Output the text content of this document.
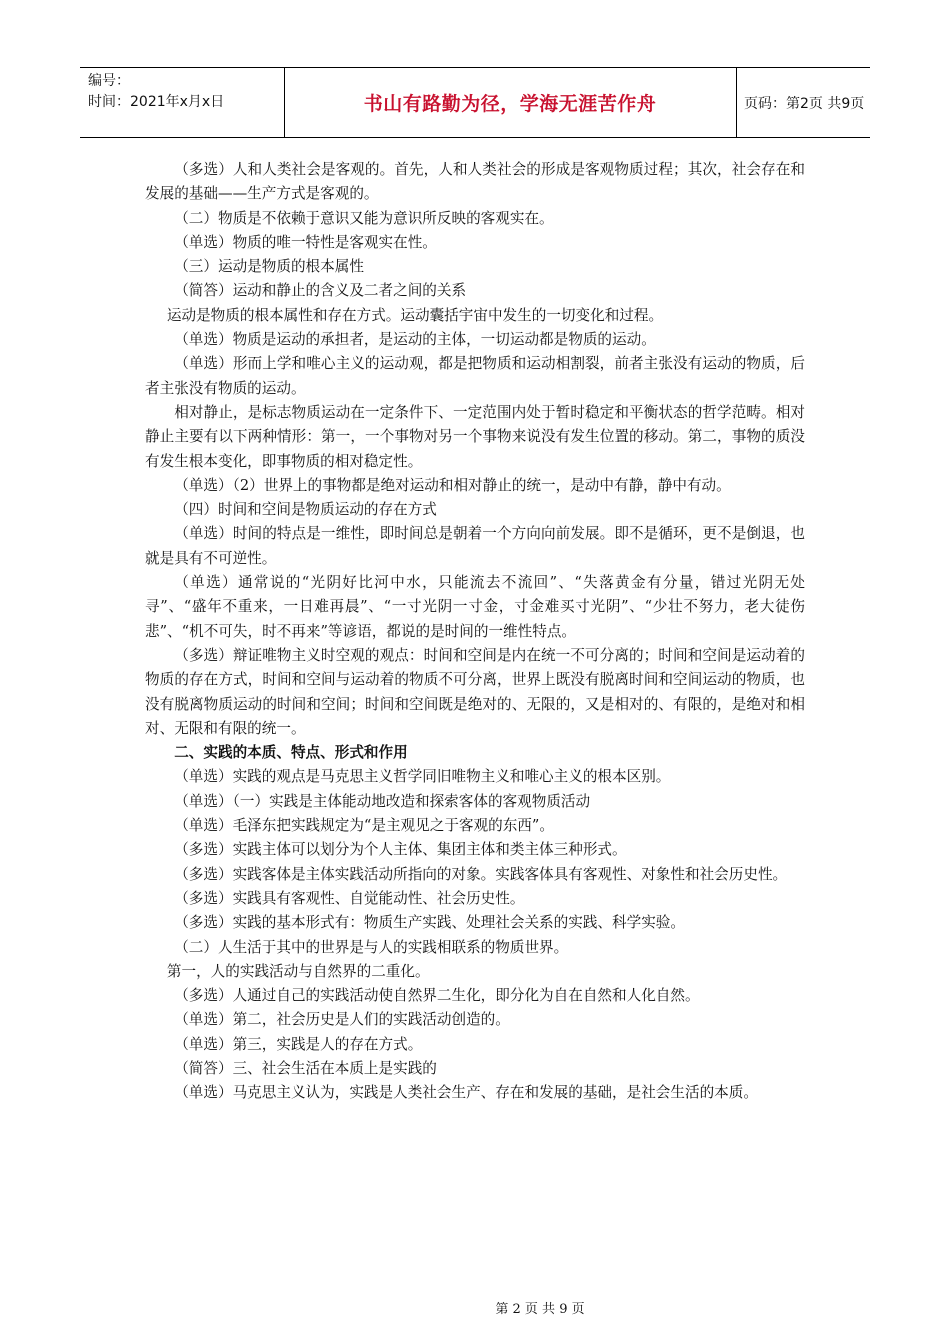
编号：
时间：2021年x月x日	书山有路勤为径，学海无涯苦作舟	页码：第2页 共9页

（多选）人和人类社会是客观的。首先，人和人类社会的形成是客观物质过程；其次，社会存在和发展的基础——生产方式是客观的。

（二）物质是不依赖于意识又能为意识所反映的客观实在。

（单选）物质的唯一特性是客观实在性。

（三）运动是物质的根本属性

（简答）运动和静止的含义及二者之间的关系

运动是物质的根本属性和存在方式。运动囊括宇宙中发生的一切变化和过程。

（单选）物质是运动的承担者，是运动的主体，一切运动都是物质的运动。

（单选）形而上学和唯心主义的运动观，都是把物质和运动相割裂，前者主张没有运动的物质，后者主张没有物质的运动。

相对静止，是标志物质运动在一定条件下、一定范围内处于暂时稳定和平衡状态的哲学范畴。相对静止主要有以下两种情形：第一，一个事物对另一个事物来说没有发生位置的移动。第二，事物的质没有发生根本变化，即事物质的相对稳定性。

（单选）（2）世界上的事物都是绝对运动和相对静止的统一，是动中有静，静中有动。

（四）时间和空间是物质运动的存在方式

（单选）时间的特点是一维性，即时间总是朝着一个方向向前发展。即不是循环，更不是倒退，也就是具有不可逆性。

（单选）通常说的“光阴好比河中水，只能流去不流回”、“失落黄金有分量，错过光阴无处寻”、“盛年不重来，一日难再晨”、“一寸光阴一寸金，寸金难买寸光阴”、“少壮不努力，老大徒伤悲”、“机不可失，时不再来”等谚语，都说的是时间的一维性特点。

（多选）辩证唯物主义时空观的观点：时间和空间是内在统一不可分离的；时间和空间是运动着的物质的存在方式，时间和空间与运动着的物质不可分离，世界上既没有脱离时间和空间运动的物质，也没有脱离物质运动的时间和空间；时间和空间既是绝对的、无限的，又是相对的、有限的，是绝对和相对、无限和有限的统一。

二、实践的本质、特点、形式和作用

（单选）实践的观点是马克思主义哲学同旧唯物主义和唯心主义的根本区别。

（单选）（一）实践是主体能动地改造和探索客体的客观物质活动

（单选）毛泽东把实践规定为“是主观见之于客观的东西”。

（多选）实践主体可以划分为个人主体、集团主体和类主体三种形式。

（多选）实践客体是主体实践活动所指向的对象。实践客体具有客观性、对象性和社会历史性。

（多选）实践具有客观性、自觉能动性、社会历史性。

（多选）实践的基本形式有：物质生产实践、处理社会关系的实践、科学实验。

（二）人生活于其中的世界是与人的实践相联系的物质世界。

第一，人的实践活动与自然界的二重化。

（多选）人通过自己的实践活动使自然界二生化，即分化为自在自然和人化自然。

（单选）第二，社会历史是人们的实践活动创造的。

（单选）第三，实践是人的存在方式。

（简答）三、社会生活在本质上是实践的

（单选）马克思主义认为，实践是人类社会生产、存在和发展的基础，是社会生活的本质。

第 2 页 共 9 页
